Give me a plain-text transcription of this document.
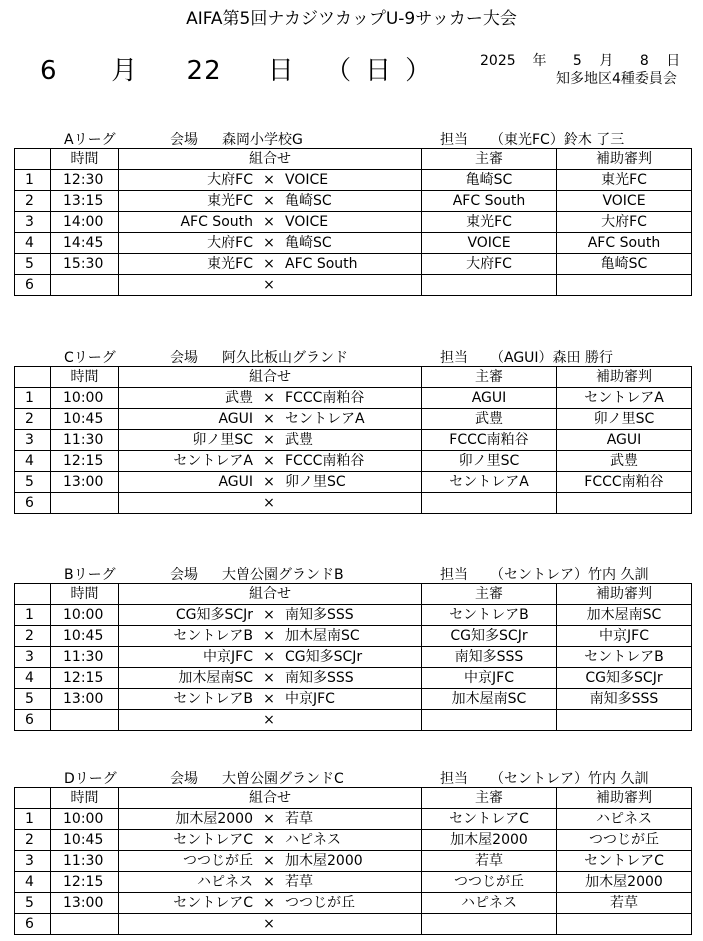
AIFA第5回ナカジツカップU-9サッカー大会
6 月 22 日 （日） 2025 年 5 月 8 日
知多地区4種委員会
Aリーグ	会場 森岡小学校G	担当 （東光FC）鈴木 了三
	時間	組合せ	主審	補助審判
1	12:30	大府FC × VOICE	亀崎SC	東光FC
2	13:15	東光FC × 亀崎SC	AFC South	VOICE
3	14:00	AFC South × VOICE	東光FC	大府FC
4	14:45	大府FC × 亀崎SC	VOICE	AFC South
5	15:30	東光FC × AFC South	大府FC	亀崎SC
6		×		

Cリーグ	会場 阿久比板山グランド	担当 （AGUI）森田 勝行
	時間	組合せ	主審	補助審判
1	10:00	武豊 × FCCC南粕谷	AGUI	セントレアA
2	10:45	AGUI × セントレアA	武豊	卯ノ里SC
3	11:30	卯ノ里SC × 武豊	FCCC南粕谷	AGUI
4	12:15	セントレアA × FCCC南粕谷	卯ノ里SC	武豊
5	13:00	AGUI × 卯ノ里SC	セントレアA	FCCC南粕谷
6		×		

Bリーグ	会場 大曽公園グランドB	担当 （セントレア）竹内 久訓
	時間	組合せ	主審	補助審判
1	10:00	CG知多SCJr × 南知多SSS	セントレアB	加木屋南SC
2	10:45	セントレアB × 加木屋南SC	CG知多SCJr	中京JFC
3	11:30	中京JFC × CG知多SCJr	南知多SSS	セントレアB
4	12:15	加木屋南SC × 南知多SSS	中京JFC	CG知多SCJr
5	13:00	セントレアB × 中京JFC	加木屋南SC	南知多SSS
6		×		

Dリーグ	会場 大曽公園グランドC	担当 （セントレア）竹内 久訓
	時間	組合せ	主審	補助審判
1	10:00	加木屋2000 × 若草	セントレアC	ハピネス
2	10:45	セントレアC × ハピネス	加木屋2000	つつじが丘
3	11:30	つつじが丘 × 加木屋2000	若草	セントレアC
4	12:15	ハピネス × 若草	つつじが丘	加木屋2000
5	13:00	セントレアC × つつじが丘	ハピネス	若草
6		×		
